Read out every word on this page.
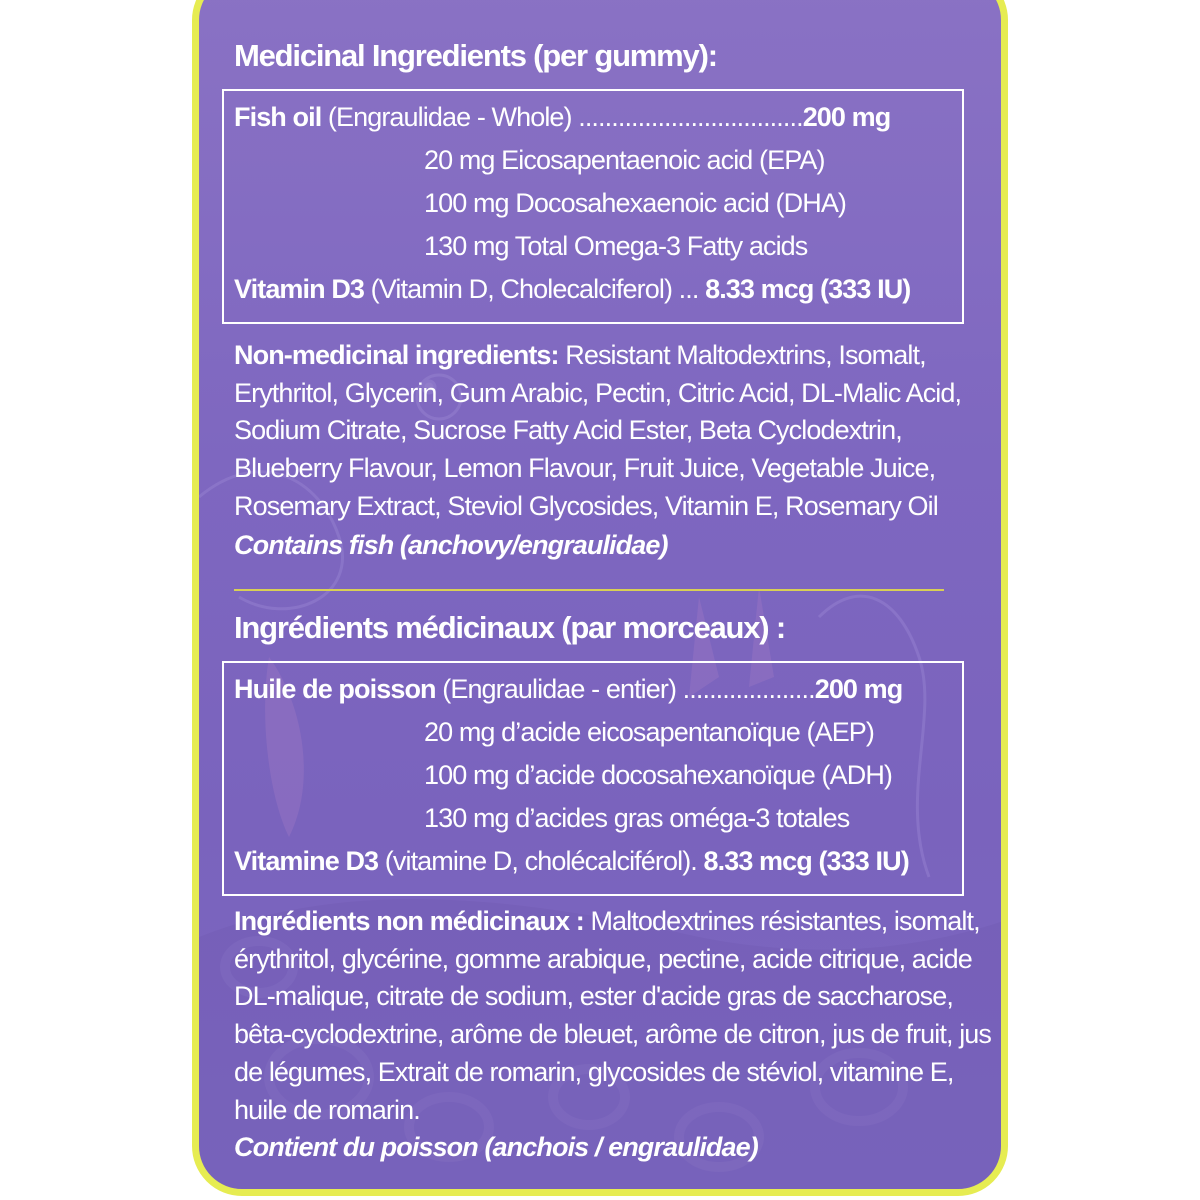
Medicinal Ingredients (per gummy):
Fish oil (Engraulidae - Whole) ..................................200 mg
20 mg Eicosapentaenoic acid (EPA)
100 mg Docosahexaenoic acid (DHA)
130 mg Total Omega-3 Fatty acids
Vitamin D3 (Vitamin D, Cholecalciferol) ... 8.33 mcg (333 IU)

Non-medicinal ingredients: Resistant Maltodextrins, Isomalt, Erythritol, Glycerin, Gum Arabic, Pectin, Citric Acid, DL-Malic Acid, Sodium Citrate, Sucrose Fatty Acid Ester, Beta Cyclodextrin, Blueberry Flavour, Lemon Flavour, Fruit Juice, Vegetable Juice, Rosemary Extract, Steviol Glycosides, Vitamin E, Rosemary Oil

Contains fish (anchovy/engraulidae)
Ingrédients médicinaux (par morceaux) :
Huile de poisson (Engraulidae - entier) ....................200 mg
20 mg d’acide eicosapentanoïque (AEP)
100 mg d’acide docosahexanoïque (ADH)
130 mg d’acides gras oméga-3 totales
Vitamine D3 (vitamine D, cholécalciférol). 8.33 mcg (333 IU)

Ingrédients non médicinaux : Maltodextrines résistantes, isomalt, érythritol, glycérine, gomme arabique, pectine, acide citrique, acide DL-malique, citrate de sodium, ester d'acide gras de saccharose, bêta-cyclodextrine, arôme de bleuet, arôme de citron, jus de fruit, jus de légumes, Extrait de romarin, glycosides de stéviol, vitamine E, huile de romarin.

Contient du poisson (anchois / engraulidae)
